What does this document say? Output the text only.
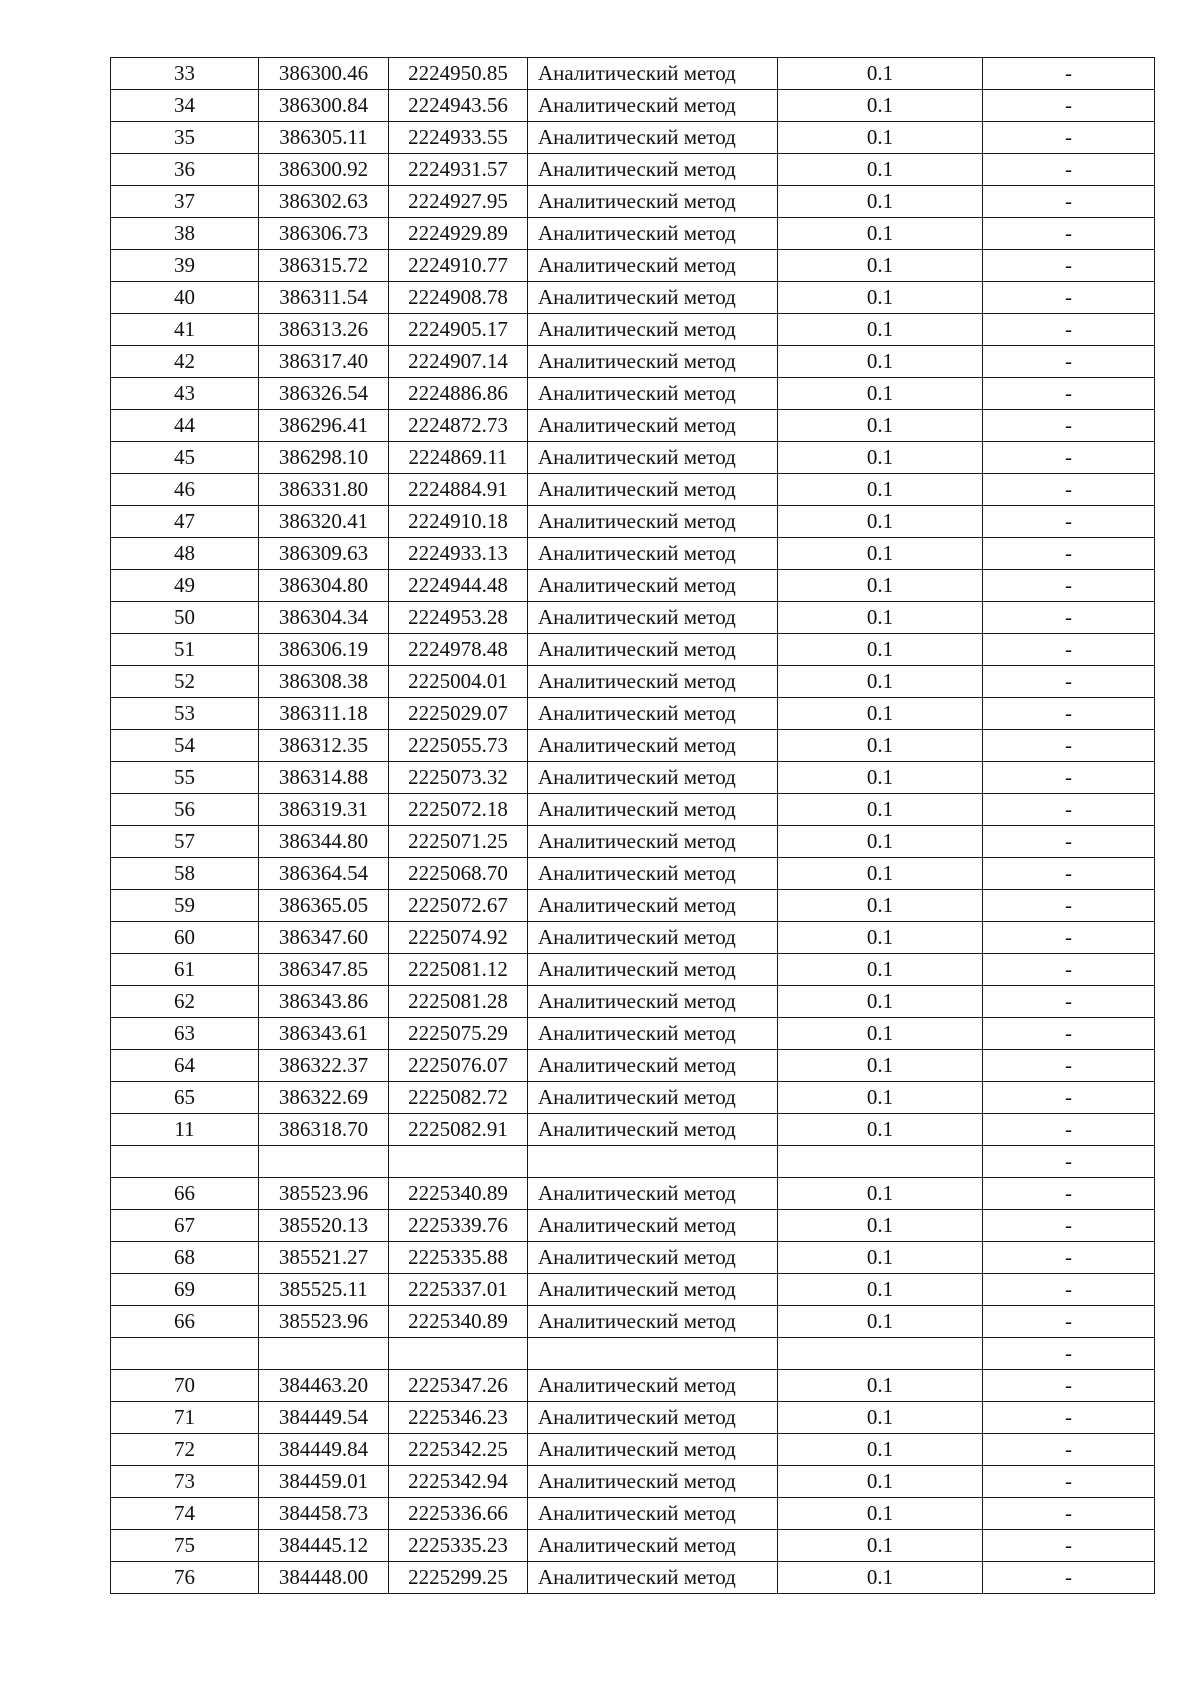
33	386300.46	2224950.85	Аналитический метод	0.1	-
34	386300.84	2224943.56	Аналитический метод	0.1	-
35	386305.11	2224933.55	Аналитический метод	0.1	-
36	386300.92	2224931.57	Аналитический метод	0.1	-
37	386302.63	2224927.95	Аналитический метод	0.1	-
38	386306.73	2224929.89	Аналитический метод	0.1	-
39	386315.72	2224910.77	Аналитический метод	0.1	-
40	386311.54	2224908.78	Аналитический метод	0.1	-
41	386313.26	2224905.17	Аналитический метод	0.1	-
42	386317.40	2224907.14	Аналитический метод	0.1	-
43	386326.54	2224886.86	Аналитический метод	0.1	-
44	386296.41	2224872.73	Аналитический метод	0.1	-
45	386298.10	2224869.11	Аналитический метод	0.1	-
46	386331.80	2224884.91	Аналитический метод	0.1	-
47	386320.41	2224910.18	Аналитический метод	0.1	-
48	386309.63	2224933.13	Аналитический метод	0.1	-
49	386304.80	2224944.48	Аналитический метод	0.1	-
50	386304.34	2224953.28	Аналитический метод	0.1	-
51	386306.19	2224978.48	Аналитический метод	0.1	-
52	386308.38	2225004.01	Аналитический метод	0.1	-
53	386311.18	2225029.07	Аналитический метод	0.1	-
54	386312.35	2225055.73	Аналитический метод	0.1	-
55	386314.88	2225073.32	Аналитический метод	0.1	-
56	386319.31	2225072.18	Аналитический метод	0.1	-
57	386344.80	2225071.25	Аналитический метод	0.1	-
58	386364.54	2225068.70	Аналитический метод	0.1	-
59	386365.05	2225072.67	Аналитический метод	0.1	-
60	386347.60	2225074.92	Аналитический метод	0.1	-
61	386347.85	2225081.12	Аналитический метод	0.1	-
62	386343.86	2225081.28	Аналитический метод	0.1	-
63	386343.61	2225075.29	Аналитический метод	0.1	-
64	386322.37	2225076.07	Аналитический метод	0.1	-
65	386322.69	2225082.72	Аналитический метод	0.1	-
11	386318.70	2225082.91	Аналитический метод	0.1	-
					-
66	385523.96	2225340.89	Аналитический метод	0.1	-
67	385520.13	2225339.76	Аналитический метод	0.1	-
68	385521.27	2225335.88	Аналитический метод	0.1	-
69	385525.11	2225337.01	Аналитический метод	0.1	-
66	385523.96	2225340.89	Аналитический метод	0.1	-
					-
70	384463.20	2225347.26	Аналитический метод	0.1	-
71	384449.54	2225346.23	Аналитический метод	0.1	-
72	384449.84	2225342.25	Аналитический метод	0.1	-
73	384459.01	2225342.94	Аналитический метод	0.1	-
74	384458.73	2225336.66	Аналитический метод	0.1	-
75	384445.12	2225335.23	Аналитический метод	0.1	-
76	384448.00	2225299.25	Аналитический метод	0.1	-
